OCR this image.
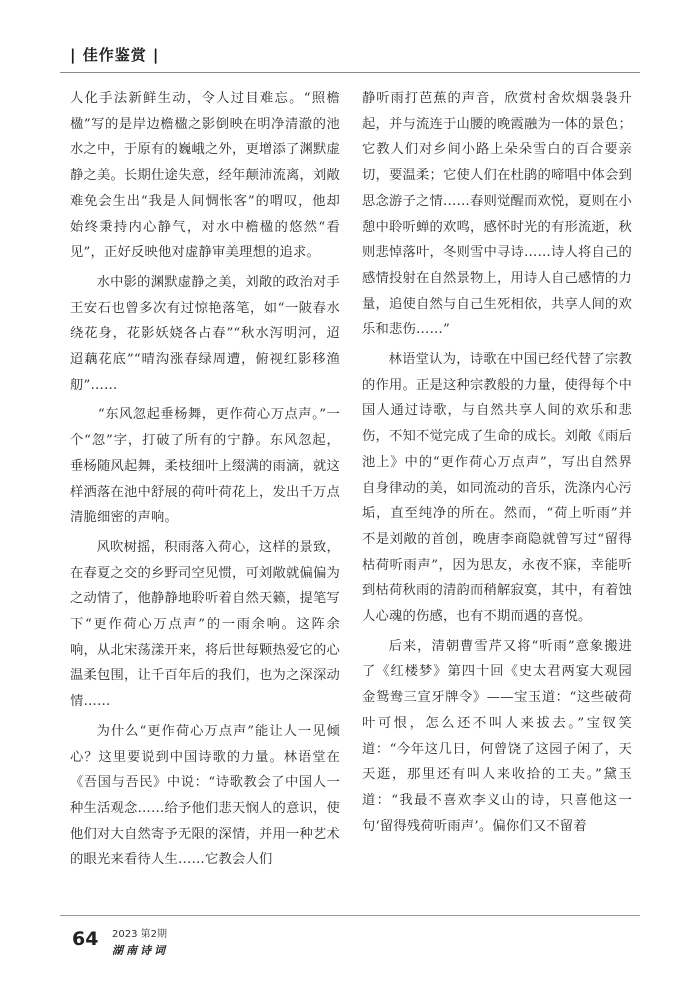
| 佳作鉴赏 |

人化手法新鲜生动，令人过目难忘。“照檐楹”写的是岸边檐楹之影倒映在明净清澈的池水之中，于原有的巍峨之外，更增添了渊默虚静之美。长期仕途失意，经年颠沛流离，刘敞难免会生出“我是人间惆怅客”的喟叹，他却始终秉持内心静气，对水中檐楹的悠然“看见”，正好反映他对虚静审美理想的追求。

水中影的渊默虚静之美，刘敞的政治对手王安石也曾多次有过惊艳落笔，如“一陂春水绕花身，花影妖娆各占春”“秋水泻明河，迢迢藕花底”“晴沟涨春绿周遭，俯视红影移渔舠”……

“东风忽起垂杨舞，更作荷心万点声。”一个“忽”字，打破了所有的宁静。东风忽起，垂杨随风起舞，柔枝细叶上缀满的雨滴，就这样洒落在池中舒展的荷叶荷花上，发出千万点清脆细密的声响。

风吹树摇，积雨落入荷心，这样的景致，在春夏之交的乡野司空见惯，可刘敞就偏偏为之动情了，他静静地聆听着自然天籁，提笔写下“更作荷心万点声”的一雨余响。这阵余响，从北宋荡漾开来，将后世每颗热爱它的心温柔包围，让千百年后的我们，也为之深深动情……

为什么“更作荷心万点声”能让人一见倾心？这里要说到中国诗歌的力量。林语堂在《吾国与吾民》中说：“诗歌教会了中国人一种生活观念……给予他们悲天悯人的意识，使他们对大自然寄予无限的深情，并用一种艺术的眼光来看待人生……它教会人们

静听雨打芭蕉的声音，欣赏村舍炊烟袅袅升起，并与流连于山腰的晚霞融为一体的景色；它教人们对乡间小路上朵朵雪白的百合要亲切，要温柔；它使人们在杜鹃的啼唱中体会到思念游子之情……春则觉醒而欢悦，夏则在小憩中聆听蝉的欢鸣，感怀时光的有形流逝，秋则悲悼落叶，冬则雪中寻诗……诗人将自己的感情投射在自然景物上，用诗人自己感情的力量，追使自然与自己生死相依，共享人间的欢乐和悲伤……”

林语堂认为，诗歌在中国已经代替了宗教的作用。正是这种宗教般的力量，使得每个中国人通过诗歌，与自然共享人间的欢乐和悲伤，不知不觉完成了生命的成长。刘敞《雨后池上》中的“更作荷心万点声”，写出自然界自身律动的美，如同流动的音乐，洗涤内心污垢，直至纯净的所在。然而，“荷上听雨”并不是刘敞的首创，晚唐李商隐就曾写过“留得枯荷听雨声”，因为思友，永夜不寐，幸能听到枯荷秋雨的清韵而稍解寂寞，其中，有着蚀人心魂的伤感，也有不期而遇的喜悦。

后来，清朝曹雪芹又将“听雨”意象搬进了《红楼梦》第四十回《史太君两宴大观园 金鸳鸯三宣牙牌令》——宝玉道：“这些破荷叶可恨，怎么还不叫人来拔去。”宝钗笑道：“今年这几日，何曾饶了这园子闲了，天天逛，那里还有叫人来收拾的工夫。”黛玉道：“我最不喜欢李义山的诗，只喜他这一句‘留得残荷听雨声’。偏你们又不留着

64 2023 第2期
湖南诗词
